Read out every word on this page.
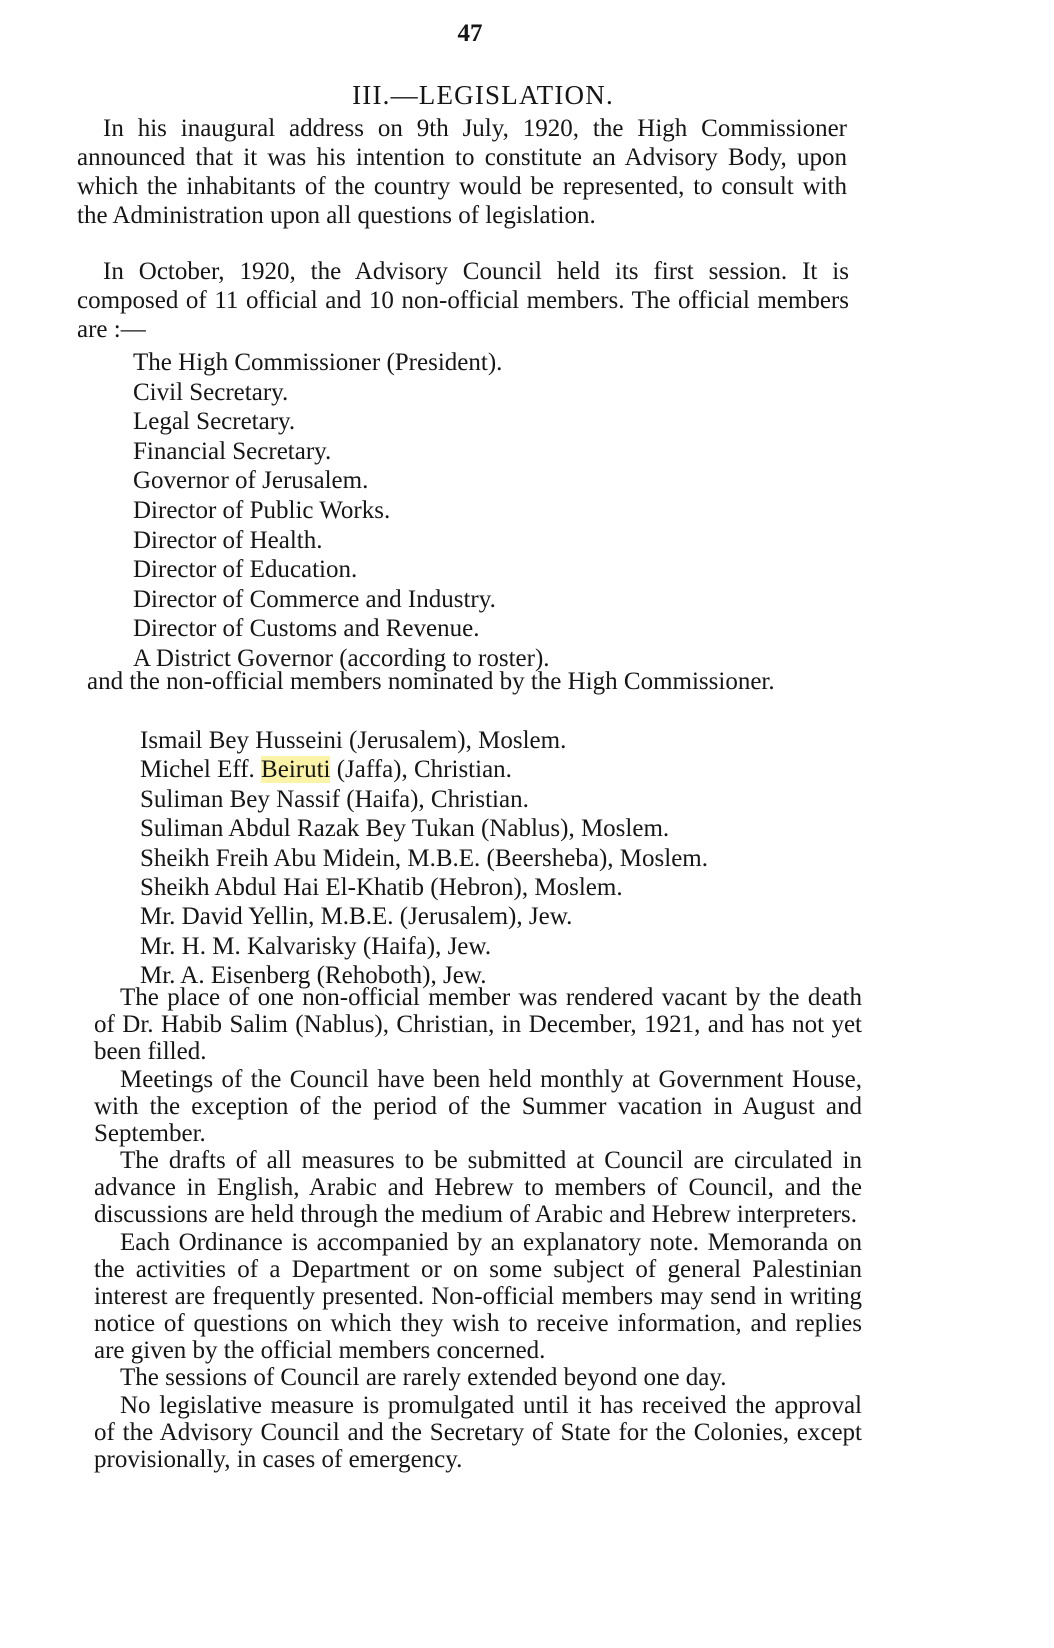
47
III.—LEGISLATION.

In his inaugural address on 9th July, 1920, the High Commissioner announced that it was his intention to constitute an Advisory Body, upon which the inhabitants of the country would be represented, to consult with the Administration upon all questions of legislation.

In October, 1920, the Advisory Council held its first session. It is composed of 11 official and 10 non-official members. The official members are :—

The High Commissioner (President).
Civil Secretary.
Legal Secretary.
Financial Secretary.
Governor of Jerusalem.
Director of Public Works.
Director of Health.
Director of Education.
Director of Commerce and Industry.
Director of Customs and Revenue.
A District Governor (according to roster).

and the non-official members nominated by the High Commissioner.

Ismail Bey Husseini (Jerusalem), Moslem.
Michel Eff. Beiruti (Jaffa), Christian.
Suliman Bey Nassif (Haifa), Christian.
Suliman Abdul Razak Bey Tukan (Nablus), Moslem.
Sheikh Freih Abu Midein, M.B.E. (Beersheba), Moslem.
Sheikh Abdul Hai El-Khatib (Hebron), Moslem.
Mr. David Yellin, M.B.E. (Jerusalem), Jew.
Mr. H. M. Kalvarisky (Haifa), Jew.
Mr. A. Eisenberg (Rehoboth), Jew.

The place of one non-official member was rendered vacant by the death of Dr. Habib Salim (Nablus), Christian, in December, 1921, and has not yet been filled.

Meetings of the Council have been held monthly at Government House, with the exception of the period of the Summer vacation in August and September.

The drafts of all measures to be submitted at Council are circulated in advance in English, Arabic and Hebrew to members of Council, and the discussions are held through the medium of Arabic and Hebrew interpreters.

Each Ordinance is accompanied by an explanatory note. Memoranda on the activities of a Department or on some subject of general Palestinian interest are frequently presented. Non-official members may send in writing notice of questions on which they wish to receive information, and replies are given by the official members concerned.

The sessions of Council are rarely extended beyond one day.

No legislative measure is promulgated until it has received the approval of the Advisory Council and the Secretary of State for the Colonies, except provisionally, in cases of emergency.
